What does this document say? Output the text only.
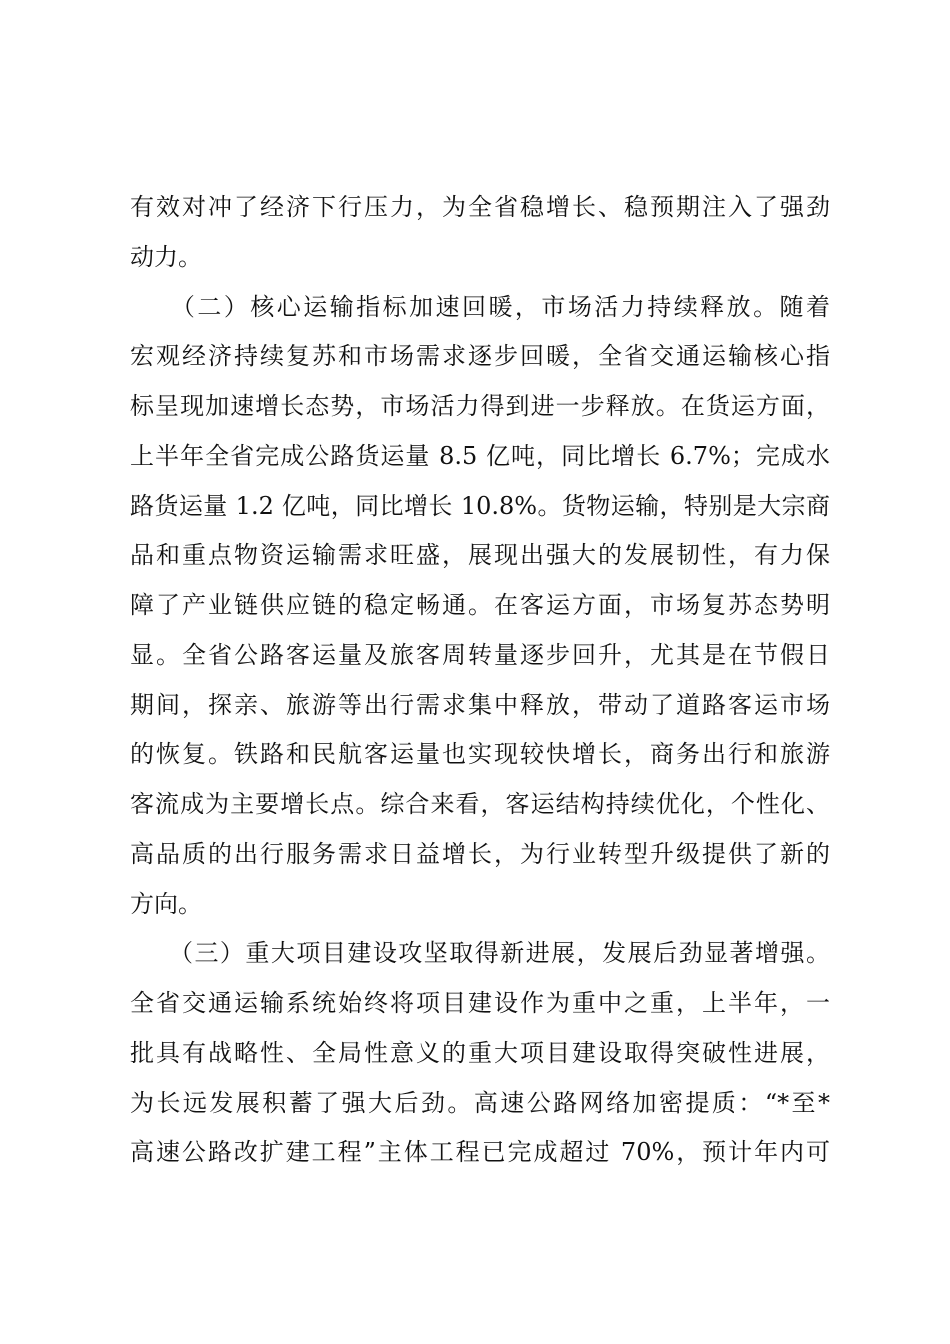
有效对冲了经济下行压力，为全省稳增长、稳预期注入了强劲
动力。
　　（二）核心运输指标加速回暖，市场活力持续释放。随着
宏观经济持续复苏和市场需求逐步回暖，全省交通运输核心指
标呈现加速增长态势，市场活力得到进一步释放。在货运方面，
上半年全省完成公路货运量 8.5 亿吨，同比增长 6.7%；完成水
路货运量 1.2 亿吨，同比增长 10.8%。货物运输，特别是大宗商
品和重点物资运输需求旺盛，展现出强大的发展韧性，有力保
障了产业链供应链的稳定畅通。在客运方面，市场复苏态势明
显。全省公路客运量及旅客周转量逐步回升，尤其是在节假日
期间，探亲、旅游等出行需求集中释放，带动了道路客运市场
的恢复。铁路和民航客运量也实现较快增长，商务出行和旅游
客流成为主要增长点。综合来看，客运结构持续优化，个性化、
高品质的出行服务需求日益增长，为行业转型升级提供了新的
方向。
　　（三）重大项目建设攻坚取得新进展，发展后劲显著增强。
全省交通运输系统始终将项目建设作为重中之重，上半年，一
批具有战略性、全局性意义的重大项目建设取得突破性进展，
为长远发展积蓄了强大后劲。高速公路网络加密提质：“*至*
高速公路改扩建工程”主体工程已完成超过 70%，预计年内可
